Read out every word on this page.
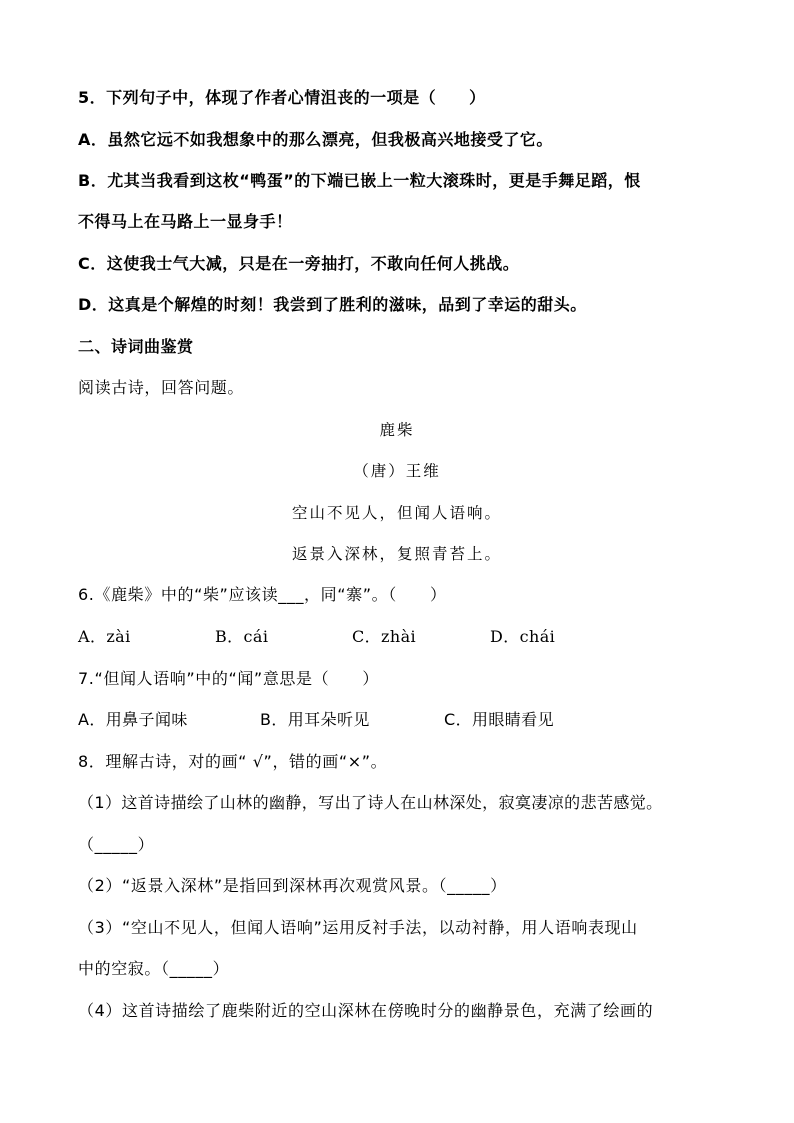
5．下列句子中，体现了作者心情沮丧的一项是（　　）
A．虽然它远不如我想象中的那么漂亮，但我极高兴地接受了它。
B．尤其当我看到这枚“鸭蛋”的下端已嵌上一粒大滚珠时，更是手舞足蹈，恨
不得马上在马路上一显身手！
C．这使我士气大减，只是在一旁抽打，不敢向任何人挑战。
D．这真是个解煌的时刻！我尝到了胜利的滋味，品到了幸运的甜头。
二、诗词曲鉴赏
阅读古诗，回答问题。
鹿柴
（唐）王维
空山不见人，但闻人语响。
返景入深林，复照青苔上。
6.《鹿柴》中的“柴”应该读___，同“寨”。（　　）
A．zài	B．cái	C．zhài	D．chái
7.“但闻人语响”中的“闻”意思是（　　）
A．用鼻子闻味	B．用耳朵听见	C．用眼睛看见
8．理解古诗，对的画“ √”，错的画“×”。
（1）这首诗描绘了山林的幽静，写出了诗人在山林深处，寂寞凄凉的悲苦感觉。
（_____）
（2）“返景入深林”是指回到深林再次观赏风景。（_____）
（3）“空山不见人，但闻人语响”运用反衬手法，以动衬静，用人语响表现山
中的空寂。（_____）
（4）这首诗描绘了鹿柴附近的空山深林在傍晚时分的幽静景色，充满了绘画的
